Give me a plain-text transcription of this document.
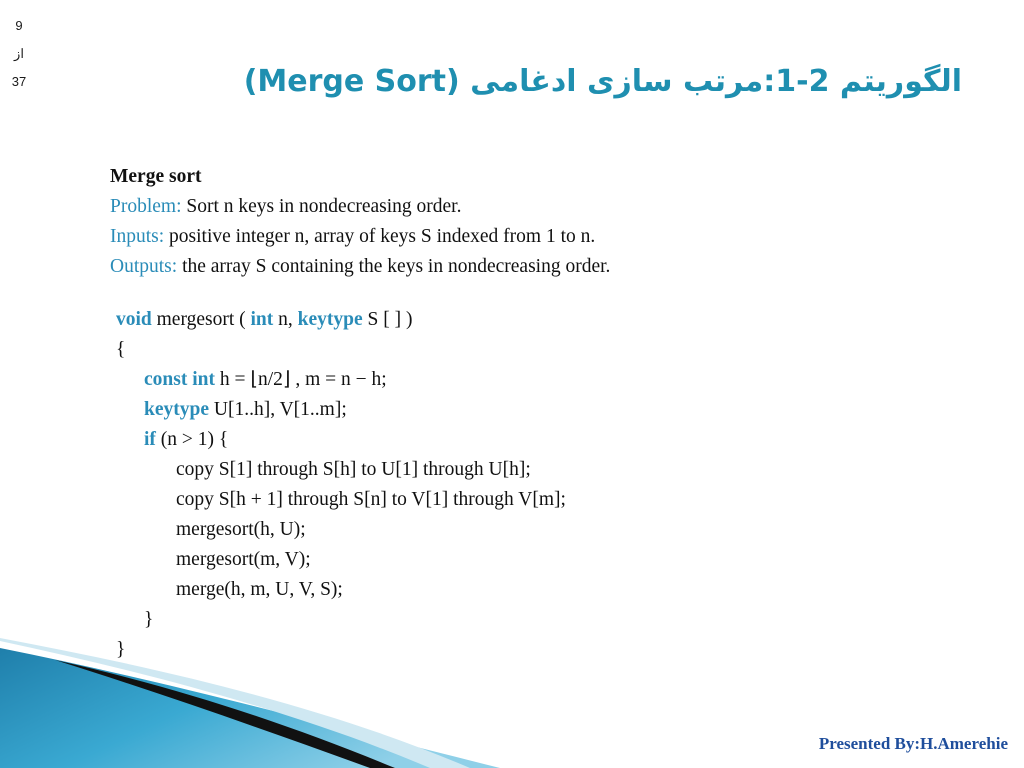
9
از
37	الگوریتم 2-1:مرتب سازی ادغامی (Merge Sort)
Merge sort
Problem: Sort n keys in nondecreasing order.
Inputs: positive integer n, array of keys S indexed from 1 to n.
Outputs: the array S containing the keys in nondecreasing order.
void mergesort ( int n, keytype S [ ] )
{
const int h = ⌊n/2⌋ , m = n − h;
keytype U[1..h], V[1..m];
if (n > 1) {
copy S[1] through S[h] to U[1] through U[h];
copy S[h + 1] through S[n] to V[1] through V[m];
mergesort(h, U);
mergesort(m, V);
merge(h, m, U, V, S);
}
}
Presented By:H.Amerehie
